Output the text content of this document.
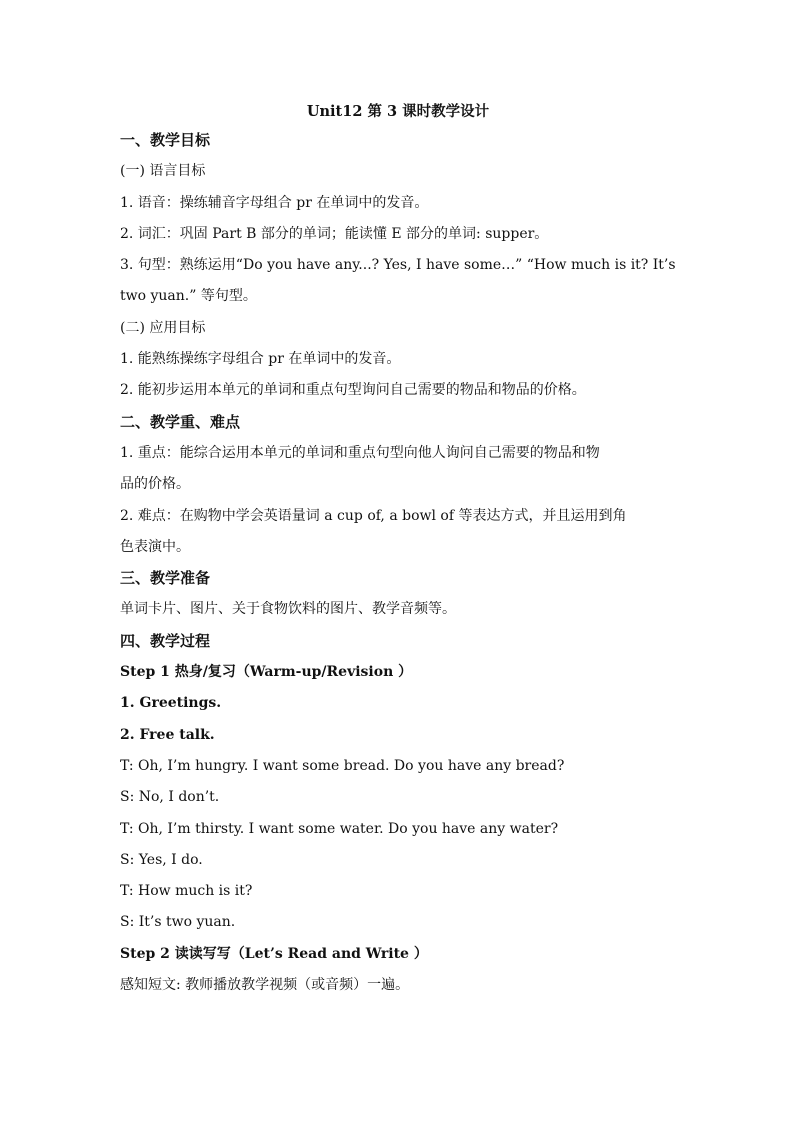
Unit12 第 3 课时教学设计
一、教学目标
(一) 语言目标
1. 语音：操练辅音字母组合 pr 在单词中的发音。
2. 词汇：巩固 Part B 部分的单词；能读懂 E 部分的单词: supper。
3. 句型：熟练运用“Do you have any...? Yes, I have some…” “How much is it? It’s
two yuan.” 等句型。
(二) 应用目标
1. 能熟练操练字母组合 pr 在单词中的发音。
2. 能初步运用本单元的单词和重点句型询问自己需要的物品和物品的价格。
二、教学重、难点
1. 重点：能综合运用本单元的单词和重点句型向他人询问自己需要的物品和物
品的价格。
2. 难点：在购物中学会英语量词 a cup of, a bowl of 等表达方式，并且运用到角
色表演中。
三、教学准备
单词卡片、图片、关于食物饮料的图片、教学音频等。
四、教学过程
Step 1 热身/复习（Warm-up/Revision ）
1. Greetings.
2. Free talk.
T: Oh, I’m hungry. I want some bread. Do you have any bread?
S: No, I don’t.
T: Oh, I’m thirsty. I want some water. Do you have any water?
S: Yes, I do.
T: How much is it?
S: It’s two yuan.
Step 2 读读写写（Let’s Read and Write ）
感知短文: 教师播放教学视频（或音频）一遍。
